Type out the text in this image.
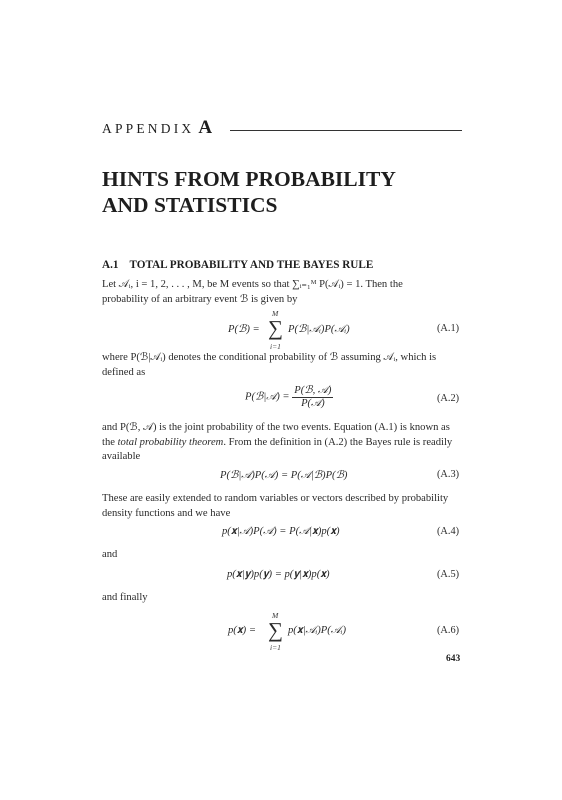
APPENDIX A
HINTS FROM PROBABILITY
AND STATISTICS
A.1 TOTAL PROBABILITY AND THE BAYES RULE
Let 𝒜ᵢ, i = 1, 2, . . . , M, be M events so that ∑ᵢ₌₁ᴹ P(𝒜ᵢ) = 1. Then the
probability of an arbitrary event ℬ is given by
P(ℬ) =
M
∑
i=1
P(ℬ|𝒜ᵢ)P(𝒜ᵢ)	(A.1)
where P(ℬ|𝒜ᵢ) denotes the conditional probability of ℬ assuming 𝒜ᵢ, which is
defined as
P(ℬ|𝒜) = $\frac{\text{P(ℬ, 𝒜)}}{\text{P(𝒜)}}$	(A.2)
and P(ℬ, 𝒜) is the joint probability of the two events. Equation (A.1) is known as
the total probability theorem. From the definition in (A.2) the Bayes rule is readily
available
P(ℬ|𝒜)P(𝒜) = P(𝒜|ℬ)P(ℬ)	(A.3)
These are easily extended to random variables or vectors described by probability
density functions and we have
p(𝐱|𝒜)P(𝒜) = P(𝒜|𝐱)p(𝐱)	(A.4)
and
p(𝐱|𝐲)p(𝐲) = p(𝐲|𝐱)p(𝐱)	(A.5)
and finally
p(𝐱) =
M
∑
i=1
p(𝐱|𝒜ᵢ)P(𝒜ᵢ)	(A.6)
643
